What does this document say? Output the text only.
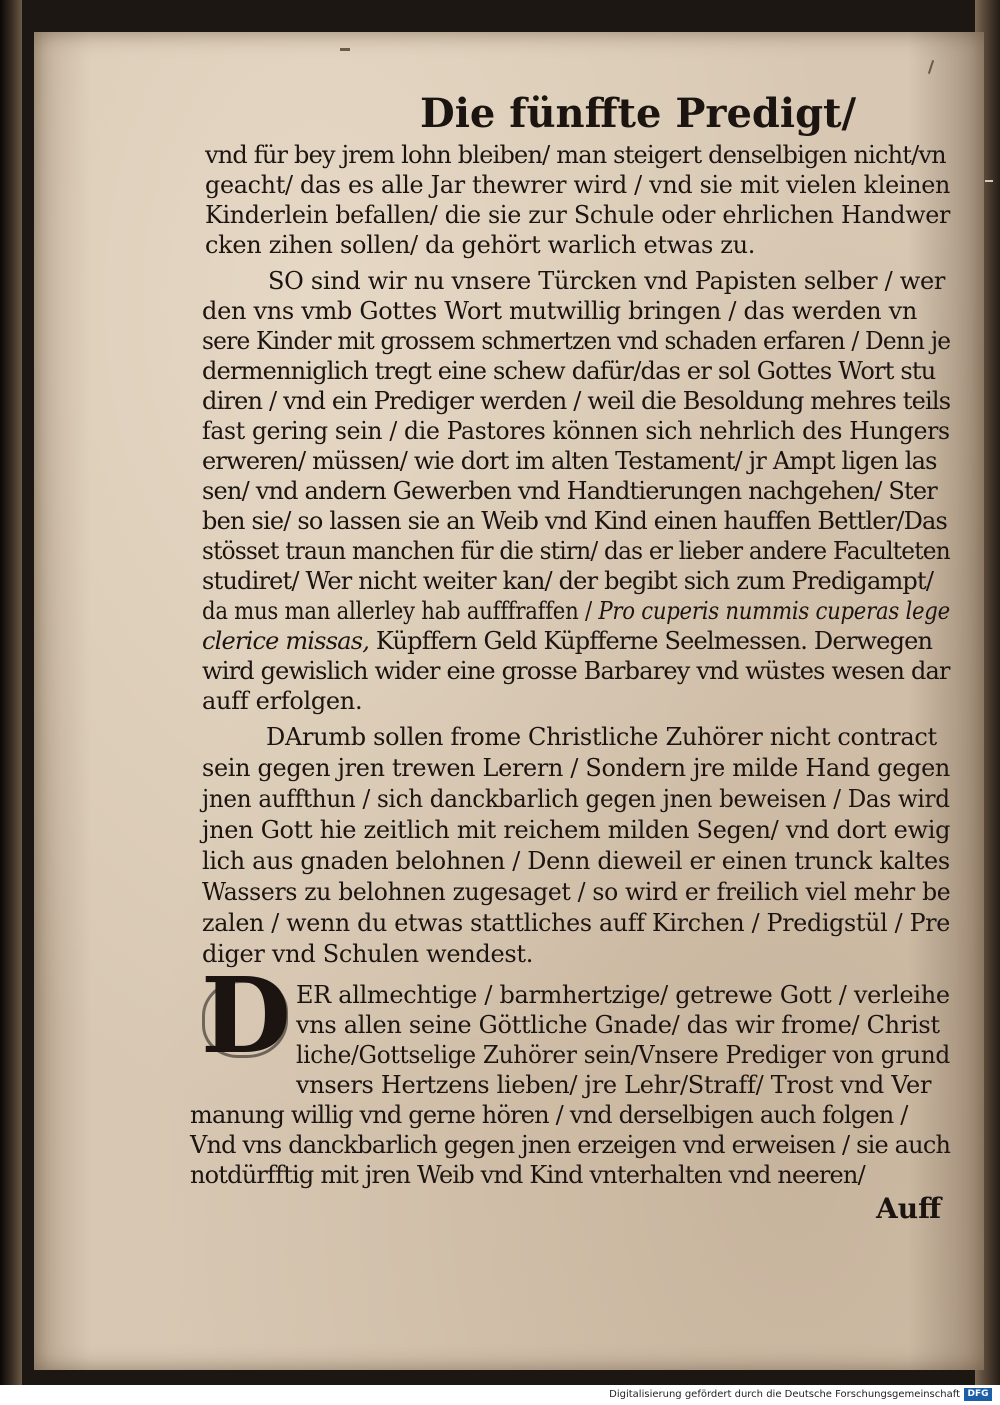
Die fünffte Predigt/
vnd für bey jrem lohn bleiben/ man steigert denselbigen nicht/vn
geacht/ das es alle Jar thewrer wird / vnd sie mit vielen kleinen
Kinderlein befallen/ die sie zur Schule oder ehrlichen Handwer
cken zihen sollen/ da gehört warlich etwas zu.
SO sind wir nu vnsere Türcken vnd Papisten selber / wer
den vns vmb Gottes Wort mutwillig bringen / das werden vn
sere Kinder mit grossem schmertzen vnd schaden erfaren / Denn je
dermenniglich tregt eine schew dafür/das er sol Gottes Wort stu
diren / vnd ein Prediger werden / weil die Besoldung mehres teils
fast gering sein / die Pastores können sich nehrlich des Hungers
erweren/ müssen/ wie dort im alten Testament/ jr Ampt ligen las
sen/ vnd andern Gewerben vnd Handtierungen nachgehen/ Ster
ben sie/ so lassen sie an Weib vnd Kind einen hauffen Bettler/Das
stösset traun manchen für die stirn/ das er lieber andere Faculteten
studiret/ Wer nicht weiter kan/ der begibt sich zum Predigampt/
da mus man allerley hab aufffraffen / Pro cuperis nummis cuperas lege
clerice missas, Küpffern Geld Küpfferne Seelmessen. Derwegen
wird gewislich wider eine grosse Barbarey vnd wüstes wesen dar
auff erfolgen.
DArumb sollen frome Christliche Zuhörer nicht contract
sein gegen jren trewen Lerern / Sondern jre milde Hand gegen
jnen auffthun / sich danckbarlich gegen jnen beweisen / Das wird
jnen Gott hie zeitlich mit reichem milden Segen/ vnd dort ewig
lich aus gnaden belohnen / Denn dieweil er einen trunck kaltes
Wassers zu belohnen zugesaget / so wird er freilich viel mehr be
zalen / wenn du etwas stattliches auff Kirchen / Predigstül / Pre
diger vnd Schulen wendest.
D ER allmechtige / barmhertzige/ getrewe Gott / verleihe
vns allen seine Göttliche Gnade/ das wir frome/ Christ
liche/Gottselige Zuhörer sein/Vnsere Prediger von grund
vnsers Hertzens lieben/ jre Lehr/Straff/ Trost vnd Ver
manung willig vnd gerne hören / vnd derselbigen auch folgen /
Vnd vns danckbarlich gegen jnen erzeigen vnd erweisen / sie auch
notdürfftig mit jren Weib vnd Kind vnterhalten vnd neeren/
Auff
Digitalisierung gefördert durch die Deutsche Forschungsgemeinschaft DFG
